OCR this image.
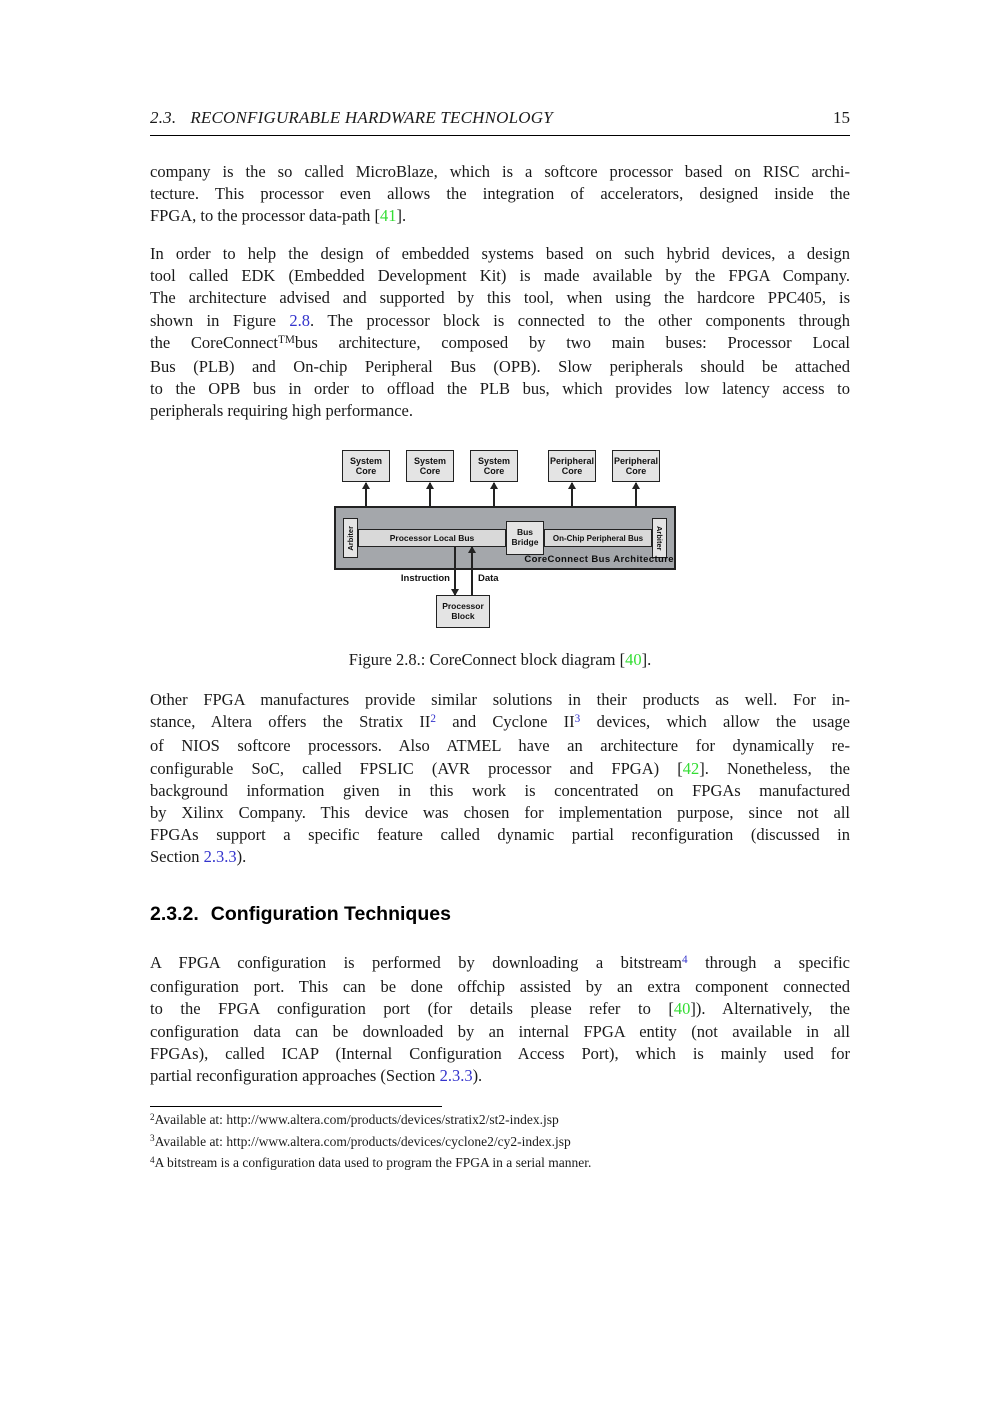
2.3. RECONFIGURABLE HARDWARE TECHNOLOGY	15
company is the so called MicroBlaze, which is a softcore processor based on RISC archi-
tecture. This processor even allows the integration of accelerators, designed inside the
FPGA, to the processor data-path [41].
In order to help the design of embedded systems based on such hybrid devices, a design
tool called EDK (Embedded Development Kit) is made available by the FPGA Company.
The architecture advised and supported by this tool, when using the hardcore PPC405, is
shown in Figure 2.8. The processor block is connected to the other components through
the CoreConnect™bus architecture, composed by two main buses: Processor Local
Bus (PLB) and On-chip Peripheral Bus (OPB). Slow peripherals should be attached
to the OPB bus in order to offload the PLB bus, which provides low latency access to
peripherals requiring high performance.
System Core
System Core
System Core
Peripheral Core
Peripheral Core
Arbiter	Processor Local Bus
Bus Bridge	On-Chip Peripheral Bus	Arbiter
CoreConnect Bus Architecture
Instruction	Data
Processor Block
Figure 2.8.: CoreConnect block diagram [40].
Other FPGA manufactures provide similar solutions in their products as well. For in-
stance, Altera offers the Stratix $II^2$ and Cyclone $II^3$ devices, which allow the usage
of NIOS softcore processors. Also ATMEL have an architecture for dynamically re-
configurable SoC, called FPSLIC (AVR processor and FPGA) [42]. Nonetheless, the
background information given in this work is concentrated on FPGAs manufactured
by Xilinx Company. This device was chosen for implementation purpose, since not all
FPGAs support a specific feature called dynamic partial reconfiguration (discussed in
Section 2.3.3).
2.3.2. Configuration Techniques
A FPGA configuration is performed by downloading a bitstream$^4$ through a specific
configuration port. This can be done offchip assisted by an extra component connected
to the FPGA configuration port (for details please refer to [40]). Alternatively, the
configuration data can be downloaded by an internal FPGA entity (not available in all
FPGAs), called ICAP (Internal Configuration Access Port), which is mainly used for
partial reconfiguration approaches (Section 2.3.3).
$^2$Available at: http://www.altera.com/products/devices/stratix2/st2-index.jsp
$^3$Available at: http://www.altera.com/products/devices/cyclone2/cy2-index.jsp
$^4$A bitstream is a configuration data used to program the FPGA in a serial manner.
